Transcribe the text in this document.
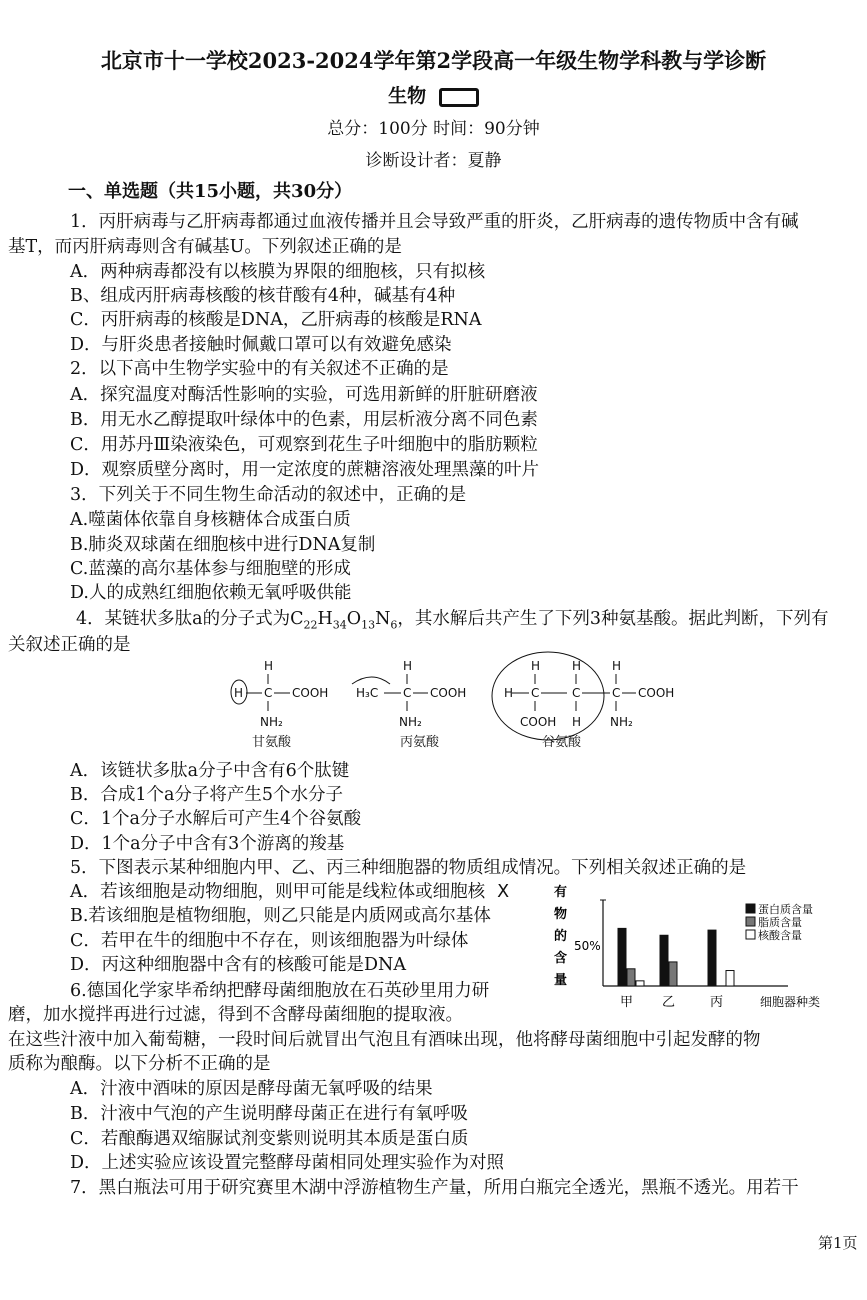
北京市十一学校2023-2024学年第2学段高一年级生物学科教与学诊断
生物
总分：100分 时间：90分钟
诊断设计者：夏静
一、单选题（共15小题，共30分）
1．丙肝病毒与乙肝病毒都通过血液传播并且会导致严重的肝炎，乙肝病毒的遗传物质中含有碱
基T，而丙肝病毒则含有碱基U。下列叙述正确的是
A．两种病毒都没有以核膜为界限的细胞核，只有拟核
B、组成丙肝病毒核酸的核苷酸有4种，碱基有4种
C．丙肝病毒的核酸是DNA，乙肝病毒的核酸是RNA
D．与肝炎患者接触时佩戴口罩可以有效避免感染
2．以下高中生物学实验中的有关叙述不正确的是
A．探究温度对酶活性影响的实验，可选用新鲜的肝脏研磨液
B．用无水乙醇提取叶绿体中的色素，用层析液分离不同色素
C．用苏丹Ⅲ染液染色，可观察到花生子叶细胞中的脂肪颗粒
D．观察质壁分离时，用一定浓度的蔗糖溶液处理黑藻的叶片
3．下列关于不同生物生命活动的叙述中，正确的是
A.噬菌体依靠自身核糖体合成蛋白质
B.肺炎双球菌在细胞核中进行DNA复制
C.蓝藻的高尔基体参与细胞壁的形成
D.人的成熟红细胞依赖无氧呼吸供能
4．某链状多肽a的分子式为$C_{22}H_{34}O_{13}N_6$，其水解后共产生了下列3种氨基酸。据此判断，下列有
关叙述正确的是
H
H C COOH
NH₂
甘氨酸
H
H₃C C COOH
NH₂
丙氨酸
H
H C
COOH
H
C
H
H
C COOH
NH₂
谷氨酸
A．该链状多肽a分子中含有6个肽键
B．合成1个a分子将产生5个水分子
C．1个a分子水解后可产生4个谷氨酸
D．1个a分子中含有3个游离的羧基
5．下图表示某种细胞内甲、乙、丙三种细胞器的物质组成情况。下列相关叙述正确的是
A．若该细胞是动物细胞，则甲可能是线粒体或细胞核 X
B.若该细胞是植物细胞，则乙只能是内质网或高尔基体
C．若甲在牛的细胞中不存在，则该细胞器为叶绿体
D．丙这种细胞器中含有的核酸可能是DNA
有
物
的
含
量
50%
甲 乙	丙	细胞器种类
蛋白质含量
脂质含量
核酸含量
6.德国化学家毕希纳把酵母菌细胞放在石英砂里用力研
磨，加水搅拌再进行过滤，得到不含酵母菌细胞的提取液。
在这些汁液中加入葡萄糖，一段时间后就冒出气泡且有酒味出现，他将酵母菌细胞中引起发酵的物
质称为酿酶。以下分析不正确的是
A．汁液中酒味的原因是酵母菌无氧呼吸的结果
B．汁液中气泡的产生说明酵母菌正在进行有氧呼吸
C．若酿酶遇双缩脲试剂变紫则说明其本质是蛋白质
D．上述实验应该设置完整酵母菌相同处理实验作为对照
7．黑白瓶法可用于研究赛里木湖中浮游植物生产量，所用白瓶完全透光，黑瓶不透光。用若干
第1页
